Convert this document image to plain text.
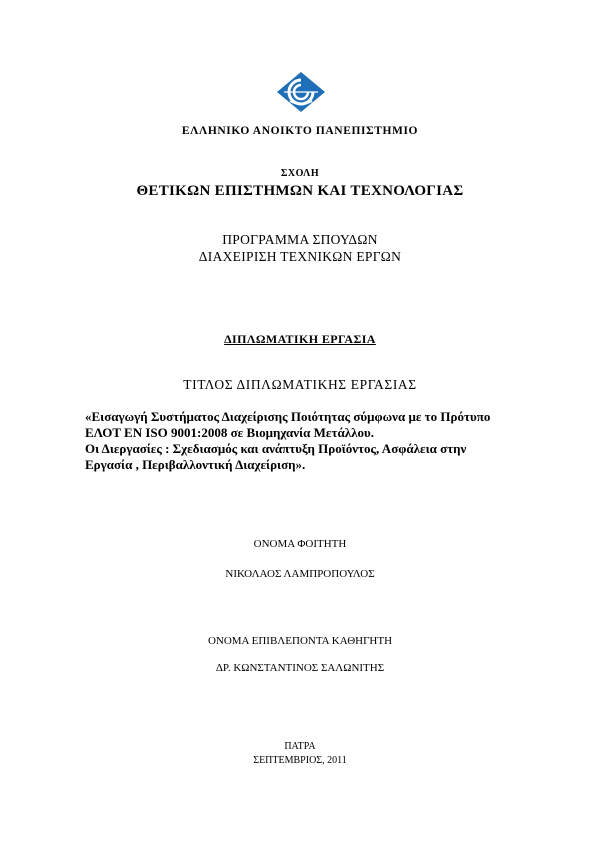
ΕΛΛΗΝΙΚΟ ΑΝΟΙΚΤΟ ΠΑΝΕΠΙΣΤΗΜΙΟ
ΣΧΟΛΗ
ΘΕΤΙΚΩΝ ΕΠΙΣΤΗΜΩΝ ΚΑΙ ΤΕΧΝΟΛΟΓΙΑΣ
ΠΡΟΓΡΑΜΜΑ ΣΠΟΥΔΩΝ
ΔΙΑΧΕΙΡΙΣΗ ΤΕΧΝΙΚΩΝ ΕΡΓΩΝ
ΔΙΠΛΩΜΑΤΙΚΗ ΕΡΓΑΣΙΑ
ΤΙΤΛΟΣ ΔΙΠΛΩΜΑΤΙΚΗΣ ΕΡΓΑΣΙΑΣ

«Εισαγωγή Συστήματος Διαχείρισης Ποιότητας σύμφωνα με το Πρότυπο

ΕΛΟΤ EN ISO 9001:2008 σε Βιομηχανία Μετάλλου.

Οι Διεργασίες : Σχεδιασμός και ανάπτυξη Προϊόντος, Ασφάλεια στην

Εργασία , Περιβαλλοντική Διαχείριση».

ΟΝΟΜΑ ΦΟΙΤΗΤΗ
ΝΙΚΟΛΑΟΣ ΛΑΜΠΡΟΠΟΥΛΟΣ
ΟΝΟΜΑ ΕΠΙΒΛΕΠΟΝΤΑ ΚΑΘΗΓΗΤΗ
ΔΡ. ΚΩΝΣΤΑΝΤΙΝΟΣ ΣΑΛΩΝΙΤΗΣ
ΠΑΤΡΑ
ΣΕΠΤΕΜΒΡΙΟΣ, 2011
